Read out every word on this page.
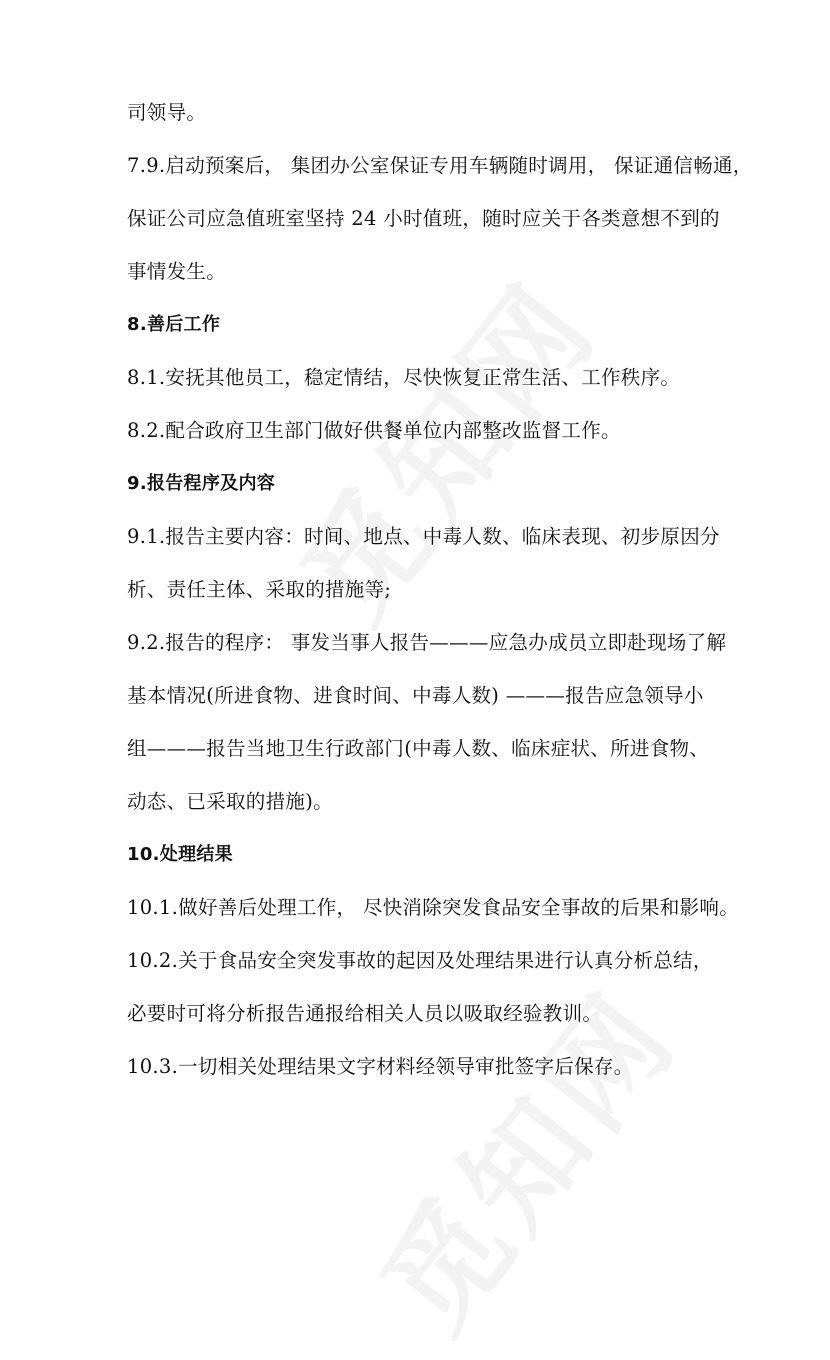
司领导。
7.9.启动预案后， 集团办公室保证专用车辆随时调用， 保证通信畅通，
保证公司应急值班室坚持 24 小时值班，随时应关于各类意想不到的
事情发生。
8.善后工作
8.1.安抚其他员工，稳定情结，尽快恢复正常生活、工作秩序。
8.2.配合政府卫生部门做好供餐单位内部整改监督工作。
9.报告程序及内容
9.1.报告主要内容：时间、地点、中毒人数、临床表现、初步原因分
析、责任主体、采取的措施等;
9.2.报告的程序： 事发当事人报告———应急办成员立即赴现场了解
基本情况(所进食物、进食时间、中毒人数) ———报告应急领导小
组———报告当地卫生行政部门(中毒人数、临床症状、所进食物、
动态、已采取的措施)。
10.处理结果
10.1.做好善后处理工作， 尽快消除突发食品安全事故的后果和影响。
10.2.关于食品安全突发事故的起因及处理结果进行认真分析总结，
必要时可将分析报告通报给相关人员以吸取经验教训。
10.3.一切相关处理结果文字材料经领导审批签字后保存。
